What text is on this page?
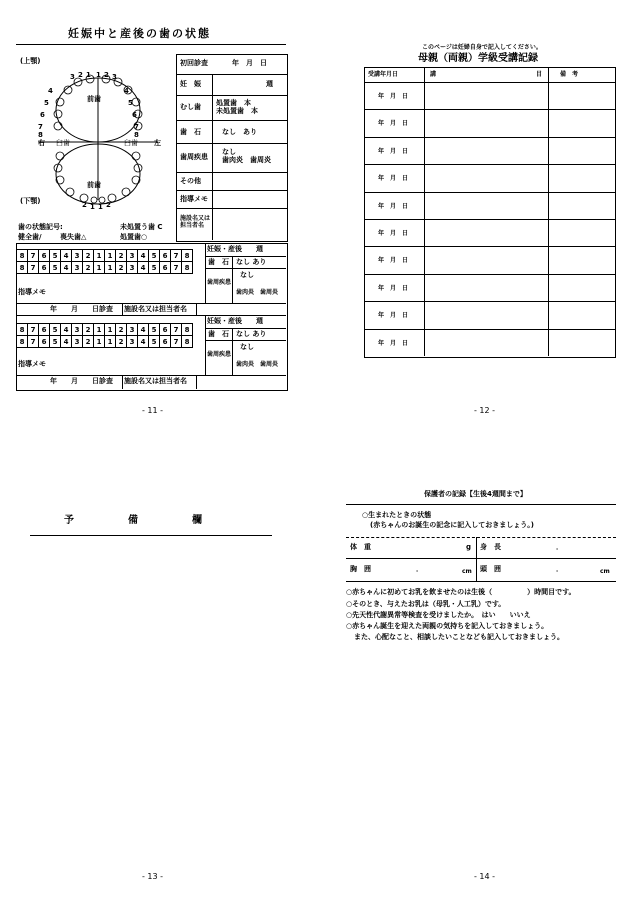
妊娠中と産後の歯の状態
(上顎)
(下顎)
前歯
前歯
右	左
臼歯	臼歯
3 2 1 1 2 3
2 1 1 2
4
5
6
7
8
4
5
6
7
8
初回診査	年　月　日
妊　娠	週
むし歯 処置歯　本
未処置歯　本
歯　石	なし　あり
歯周疾患
なし
歯肉炎　歯周炎
その他
指導メモ
施設名又は担当者名
歯の状態記号:	未処置う歯 C
健全歯/	喪失歯△	処置歯○
8	7	6	5	4	3	2	1	1	2	3	4	5	6	7	8
8	7	6	5	4	3	2	1	1	2	3	4	5	6	7	8
妊娠・産後　　週
歯　石 なし あり
歯周疾患
なし
歯肉炎　歯周炎
指導メモ
年　　月　　日診査 施設名又は担当者名
8	7	6	5	4	3	2	1	1	2	3	4	5	6	7	8
8	7	6	5	4	3	2	1	1	2	3	4	5	6	7	8
妊娠・産後　　週
歯　石 なし あり
歯周疾患
なし
歯肉炎　歯周炎
指導メモ
年　　月　　日診査 施設名又は担当者名
- 11 -
このページは妊婦自身で記入してください。
母親（両親）学級受講記録
受講年月日	講	目	備　考
年　月　日
年　月　日
年　月　日
年　月　日
年　月　日
年　月　日
年　月　日
年　月　日
年　月　日
年　月　日
- 12 -
予　　　備　　　欄
- 13 -
保護者の記録【生後4週間まで】
○生まれたときの状態
(赤ちゃんのお誕生の記念に記入しておきましょう。)
体　重	g 身　長	．
胸　囲	．	cm 頭　囲	．	cm
○赤ちゃんに初めてお乳を飲ませたのは生後（　　　　　）時間目です。
○そのとき、与えたお乳は（母乳・人工乳）です。
○先天性代謝異常等検査を受けましたか。　はい　　いいえ
○赤ちゃん誕生を迎えた両親の気持ちを記入しておきましょう。
また、心配なこと、相談したいことなども記入しておきましょう。
- 14 -
